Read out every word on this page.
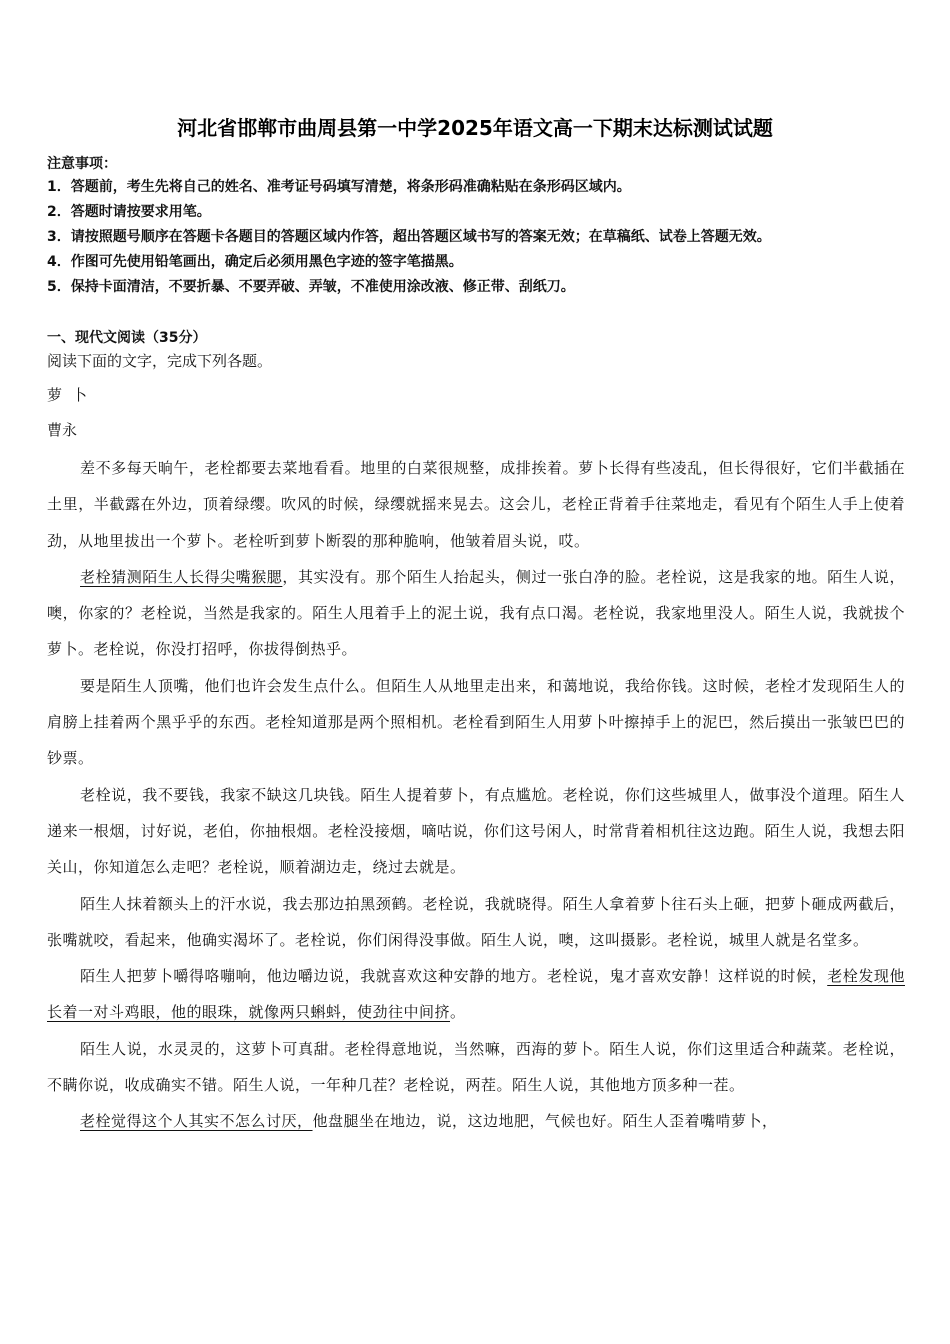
河北省邯郸市曲周县第一中学2025年语文高一下期末达标测试试题
注意事项：
1．答题前，考生先将自己的姓名、准考证号码填写清楚，将条形码准确粘贴在条形码区域内。
2．答题时请按要求用笔。
3．请按照题号顺序在答题卡各题目的答题区域内作答，超出答题区域书写的答案无效；在草稿纸、试卷上答题无效。
4．作图可先使用铅笔画出，确定后必须用黑色字迹的签字笔描黑。
5．保持卡面清洁，不要折暴、不要弄破、弄皱，不准使用涂改液、修正带、刮纸刀。
一、现代文阅读（35分）
阅读下面的文字，完成下列各题。
萝卜
曹永

差不多每天晌午，老栓都要去菜地看看。地里的白菜很规整，成排挨着。萝卜长得有些凌乱，但长得很好，它们半截插在土里，半截露在外边，顶着绿缨。吹风的时候，绿缨就摇来晃去。这会儿，老栓正背着手往菜地走，看见有个陌生人手上使着劲，从地里拔出一个萝卜。老栓听到萝卜断裂的那种脆响，他皱着眉头说，哎。

老栓猜测陌生人长得尖嘴猴腮，其实没有。那个陌生人抬起头，侧过一张白净的脸。老栓说，这是我家的地。陌生人说，噢，你家的？老栓说，当然是我家的。陌生人甩着手上的泥土说，我有点口渴。老栓说，我家地里没人。陌生人说，我就拔个萝卜。老栓说，你没打招呼，你拔得倒热乎。

要是陌生人顶嘴，他们也许会发生点什么。但陌生人从地里走出来，和蔼地说，我给你钱。这时候，老栓才发现陌生人的肩膀上挂着两个黑乎乎的东西。老栓知道那是两个照相机。老栓看到陌生人用萝卜叶擦掉手上的泥巴，然后摸出一张皱巴巴的钞票。

老栓说，我不要钱，我家不缺这几块钱。陌生人提着萝卜，有点尴尬。老栓说，你们这些城里人，做事没个道理。陌生人递来一根烟，讨好说，老伯，你抽根烟。老栓没接烟，嘀咕说，你们这号闲人，时常背着相机往这边跑。陌生人说，我想去阳关山，你知道怎么走吧？老栓说，顺着湖边走，绕过去就是。

陌生人抹着额头上的汗水说，我去那边拍黑颈鹤。老栓说，我就晓得。陌生人拿着萝卜往石头上砸，把萝卜砸成两截后，张嘴就咬，看起来，他确实渴坏了。老栓说，你们闲得没事做。陌生人说，噢，这叫摄影。老栓说，城里人就是名堂多。

陌生人把萝卜嚼得咯嘣响，他边嚼边说，我就喜欢这种安静的地方。老栓说，鬼才喜欢安静！这样说的时候，老栓发现他长着一对斗鸡眼，他的眼珠，就像两只蝌蚪，使劲往中间挤。

陌生人说，水灵灵的，这萝卜可真甜。老栓得意地说，当然嘛，西海的萝卜。陌生人说，你们这里适合种蔬菜。老栓说，不瞒你说，收成确实不错。陌生人说，一年种几茬？老栓说，两茬。陌生人说，其他地方顶多种一茬。

老栓觉得这个人其实不怎么讨厌，他盘腿坐在地边，说，这边地肥，气候也好。陌生人歪着嘴啃萝卜，
